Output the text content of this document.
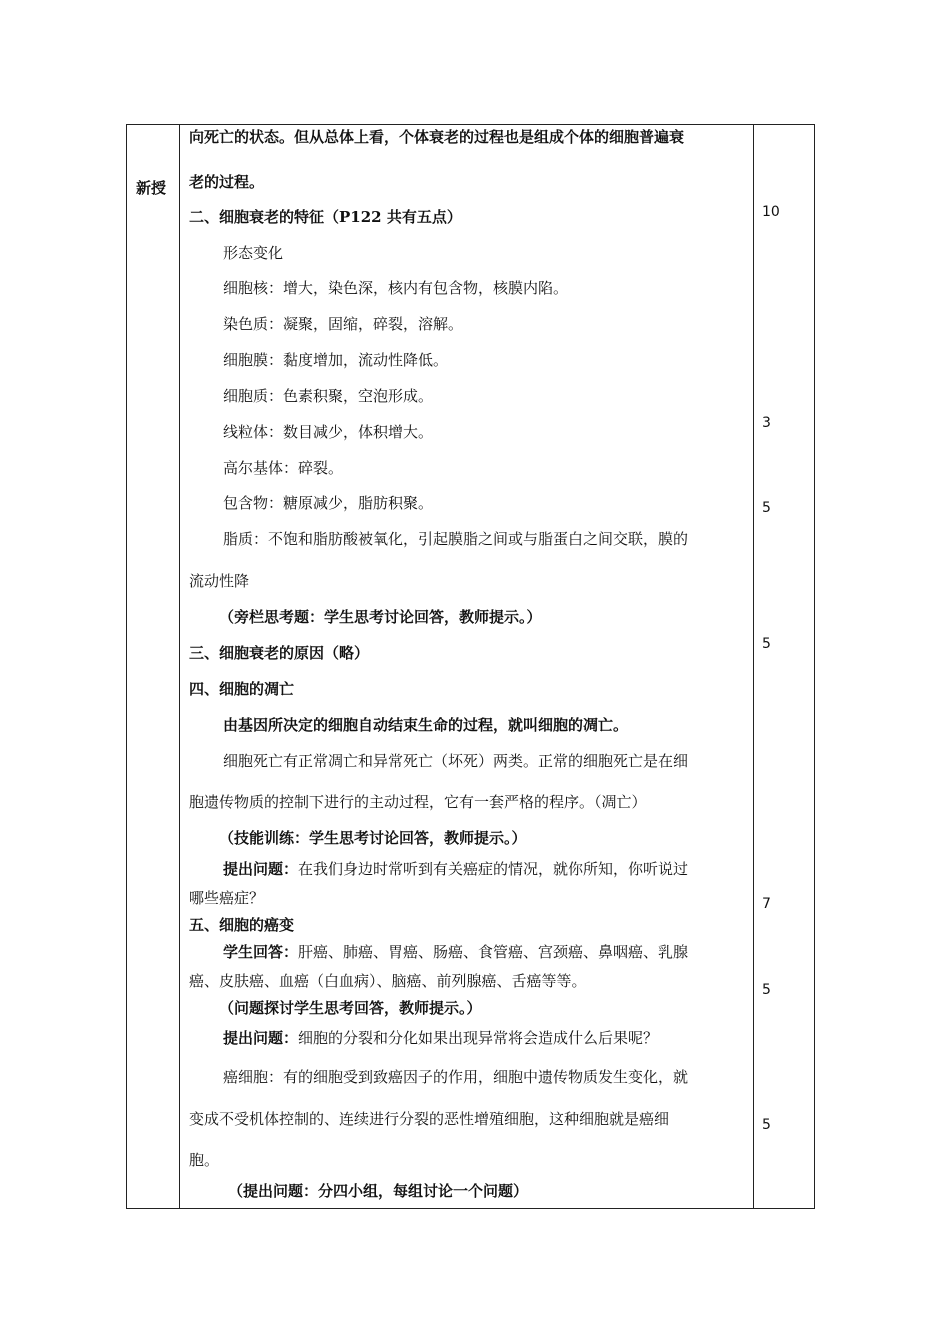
新授
向死亡的状态。但从总体上看，个体衰老的过程也是组成个体的细胞普遍衰
老的过程。
二、细胞衰老的特征（P122 共有五点）
形态变化
细胞核：增大，染色深，核内有包含物，核膜内陷。
染色质：凝聚，固缩，碎裂，溶解。
细胞膜：黏度增加，流动性降低。
细胞质：色素积聚，空泡形成。
线粒体：数目减少，体积增大。
高尔基体：碎裂。
包含物：糖原减少，脂肪积聚。
脂质：不饱和脂肪酸被氧化，引起膜脂之间或与脂蛋白之间交联，膜的
流动性降
（旁栏思考题：学生思考讨论回答，教师提示。）
三、细胞衰老的原因（略）
四、细胞的凋亡
由基因所决定的细胞自动结束生命的过程，就叫细胞的凋亡。
细胞死亡有正常凋亡和异常死亡（坏死）两类。正常的细胞死亡是在细
胞遗传物质的控制下进行的主动过程，它有一套严格的程序。（凋亡）
（技能训练：学生思考讨论回答，教师提示。）
提出问题：在我们身边时常听到有关癌症的情况，就你所知，你听说过
哪些癌症？
五、细胞的癌变
学生回答：肝癌、肺癌、胃癌、肠癌、食管癌、宫颈癌、鼻咽癌、乳腺
癌、皮肤癌、血癌（白血病）、脑癌、前列腺癌、舌癌等等。
（问题探讨学生思考回答，教师提示。）
提出问题：细胞的分裂和分化如果出现异常将会造成什么后果呢？
癌细胞：有的细胞受到致癌因子的作用，细胞中遗传物质发生变化，就
变成不受机体控制的、连续进行分裂的恶性增殖细胞，这种细胞就是癌细
胞。
（提出问题：分四小组，每组讨论一个问题）
10
3
5
5
7
5
5
